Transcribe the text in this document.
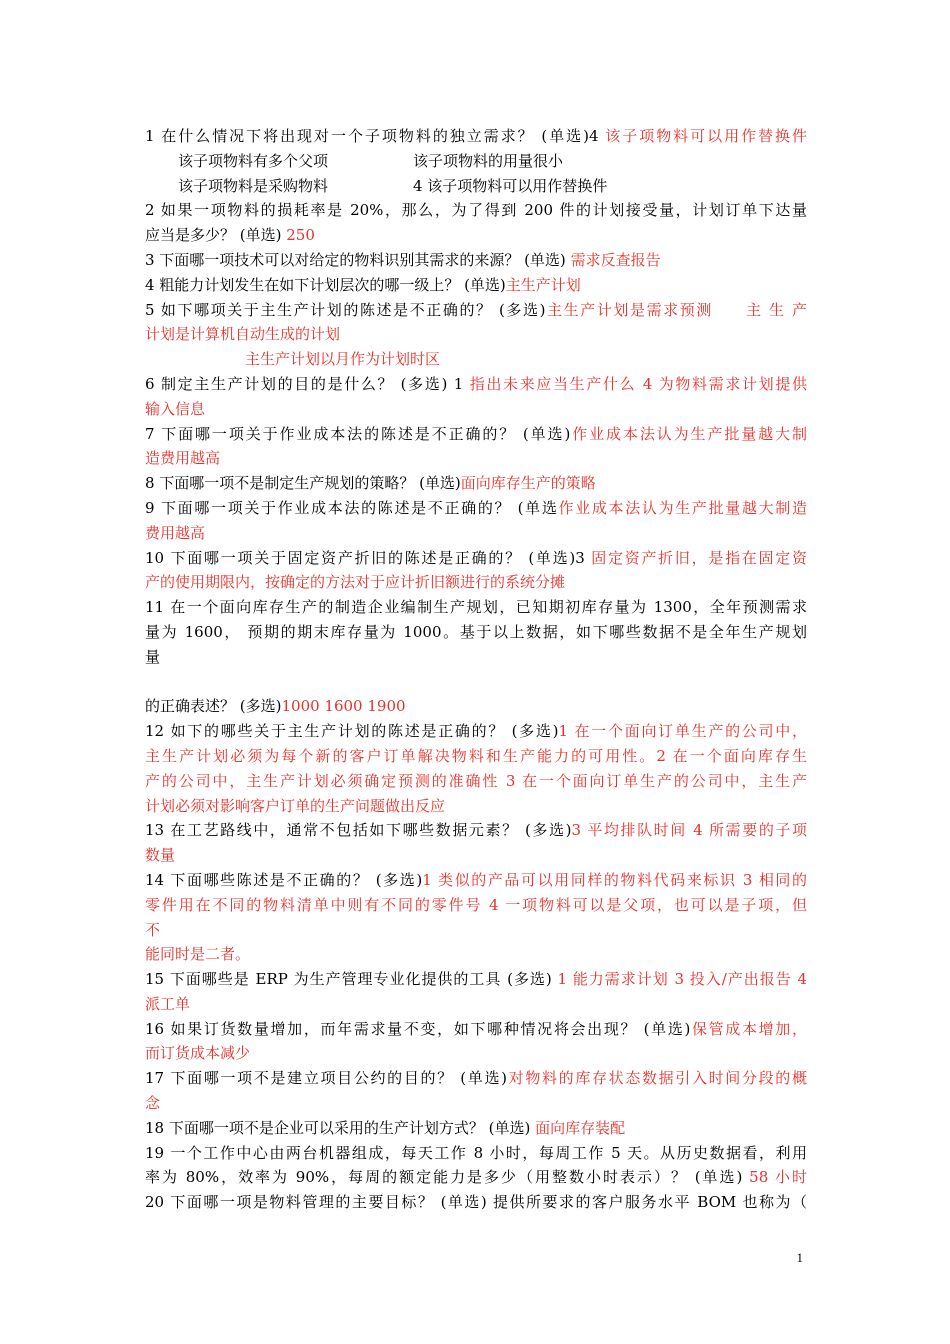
1 在什么情况下将出现对一个子项物料的独立需求？ (单选)4 该子项物料可以用作替换件
该子项物料有多个父项	该子项物料的用量很小
该子项物料是采购物料	4 该子项物料可以用作替换件
2 如果一项物料的损耗率是 20%，那么，为了得到 200 件的计划接受量，计划订单下达量
应当是多少？ (单选) 250
3 下面哪一项技术可以对给定的物料识别其需求的来源？ (单选) 需求反查报告
4 粗能力计划发生在如下计划层次的哪一级上？ (单选)主生产计划
5 如下哪项关于主生产计划的陈述是不正确的？ (多选)主生产计划是需求预测　　主 生 产
计划是计算机自动生成的计划
主生产计划以月作为计划时区
6 制定主生产计划的目的是什么？ (多选) 1 指出未来应当生产什么 4 为物料需求计划提供
输入信息
7 下面哪一项关于作业成本法的陈述是不正确的？ (单选)作业成本法认为生产批量越大制
造费用越高
8 下面哪一项不是制定生产规划的策略？ (单选)面向库存生产的策略
9 下面哪一项关于作业成本法的陈述是不正确的？ (单选作业成本法认为生产批量越大制造
费用越高
10 下面哪一项关于固定资产折旧的陈述是正确的？ (单选)3 固定资产折旧，是指在固定资
产的使用期限内，按确定的方法对于应计折旧额进行的系统分摊
11 在一个面向库存生产的制造企业编制生产规划，已知期初库存量为 1300，全年预测需求
量为 1600， 预期的期末库存量为 1000。基于以上数据，如下哪些数据不是全年生产规划
量
的正确表述？ (多选)1000 1600 1900
12 如下的哪些关于主生产计划的陈述是正确的？ (多选)1 在一个面向订单生产的公司中，
主生产计划必须为每个新的客户订单解决物料和生产能力的可用性。2 在一个面向库存生
产的公司中，主生产计划必须确定预测的准确性 3 在一个面向订单生产的公司中，主生产
计划必须对影响客户订单的生产问题做出反应
13 在工艺路线中，通常不包括如下哪些数据元素？ (多选)3 平均排队时间 4 所需要的子项
数量
14 下面哪些陈述是不正确的？ (多选)1 类似的产品可以用同样的物料代码来标识 3 相同的
零件用在不同的物料清单中则有不同的零件号 4 一项物料可以是父项，也可以是子项，但
不
能同时是二者。
15 下面哪些是 ERP 为生产管理专业化提供的工具 (多选) 1 能力需求计划 3 投入/产出报告 4
派工单
16 如果订货数量增加，而年需求量不变，如下哪种情况将会出现？ (单选)保管成本增加，
而订货成本减少
17 下面哪一项不是建立项目公约的目的？ (单选)对物料的库存状态数据引入时间分段的概
念
18 下面哪一项不是企业可以采用的生产计划方式？ (单选) 面向库存装配
19 一个工作中心由两台机器组成，每天工作 8 小时，每周工作 5 天。从历史数据看，利用
率为 80%，效率为 90%，每周的额定能力是多少（用整数小时表示）？ (单选) 58 小时
20 下面哪一项是物料管理的主要目标？ (单选) 提供所要求的客户服务水平 BOM 也称为（
1
